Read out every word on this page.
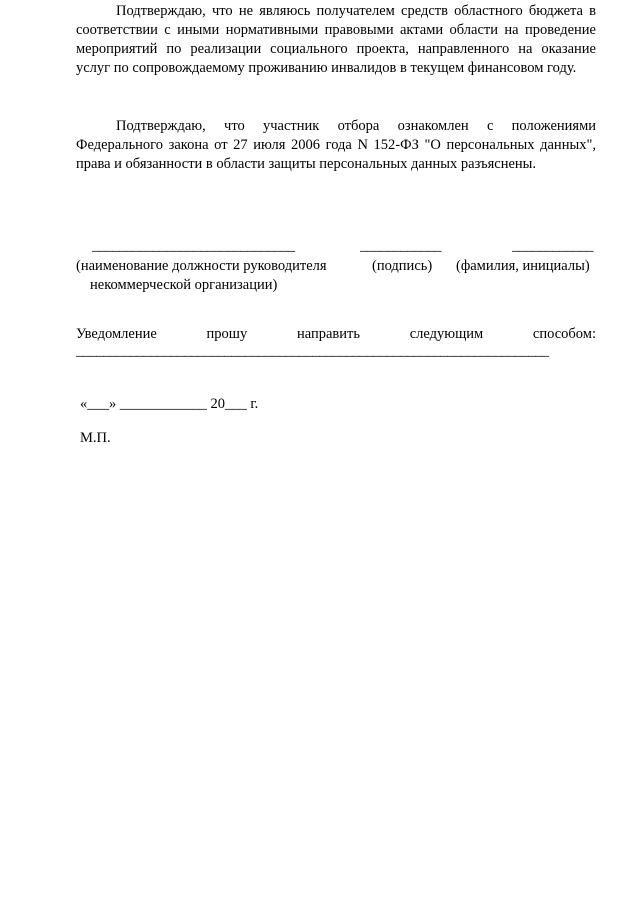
Подтверждаю, что не являюсь получателем средств областного бюджета в соответствии с иными нормативными правовыми актами области на проведение мероприятий по реализации социального проекта, направленного на оказание услуг по сопровождаемому проживанию инвалидов в текущем финансовом году.

Подтверждаю, что участник отбора ознакомлен с положениями Федерального закона от 27 июля 2006 года N 152-ФЗ "О персональных данных", права и обязанности в области защиты персональных данных разъяснены.

______________________________	____________	____________
(наименование должности руководителя	(подпись) (фамилия, инициалы)
некоммерческой организации)
Уведомление	прошу	направить	следующим	способом:
______________________________________________________________________
«___» ____________ 20___ г.
М.П.
